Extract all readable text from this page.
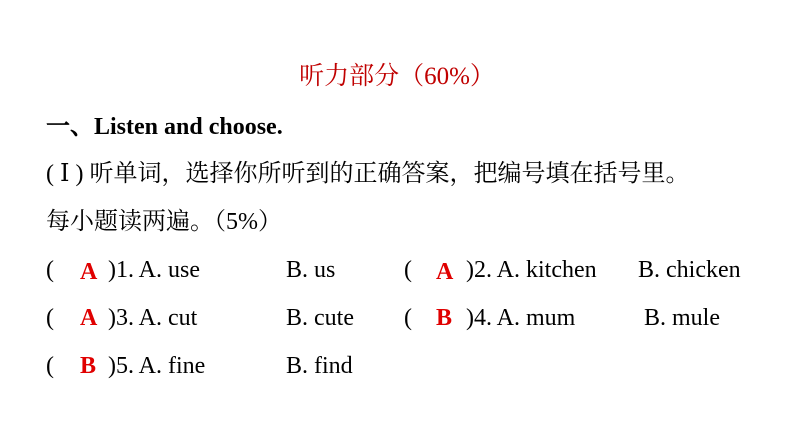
听力部分（60%）
一、Listen and choose.
( Ⅰ ) 听单词，选择你所听到的正确答案，把编号填在括号里。
每小题读两遍。（5%）
( A )1. A. use	B. us	( A )2. A. kitchen B. chicken
( A )3. A. cut	B. cute ( B )4. A. mum	B. mule
( B )5. A. fine	B. find
